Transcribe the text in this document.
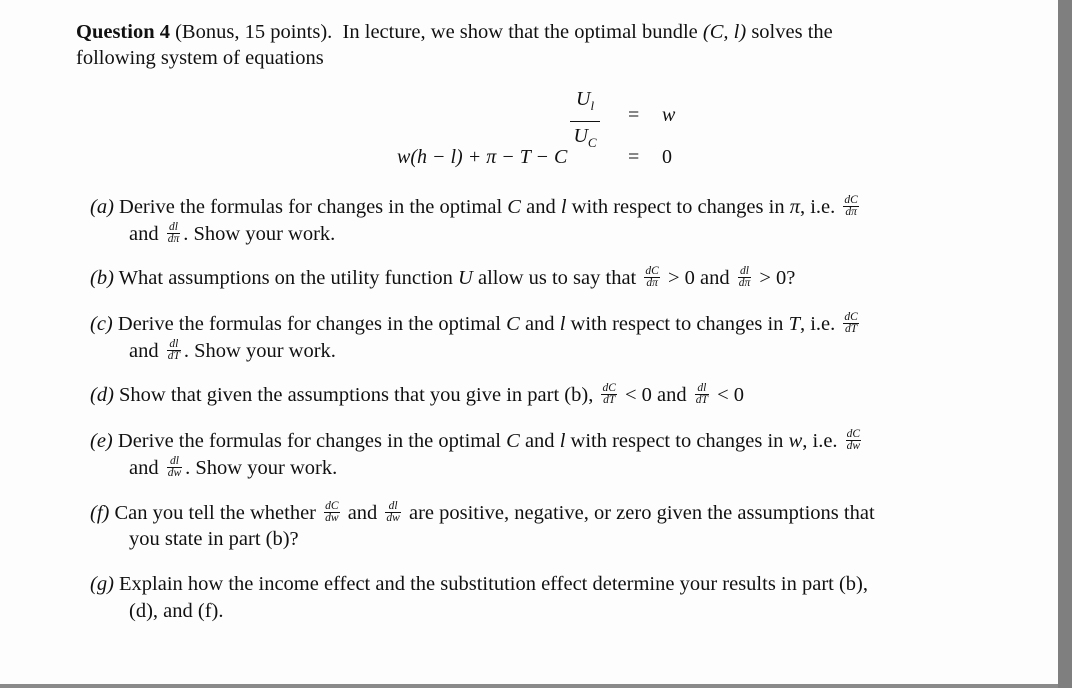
Question 4 (Bonus, 15 points). In lecture, we show that the optimal bundle (C, l) solves the
following system of equations
$\frac{U_l}{U_C} = w$
w(h − l) + π − T − C	= 0
(a) Derive the formulas for changes in the optimal C and l with respect to changes in π, i.e. $\frac{dC}{d\pi}$
and $\frac{dl}{d\pi}$ . Show your work.
(b) What assumptions on the utility function U allow us to say that $\frac{dC}{d\pi} > 0$ and $\frac{dl}{d\pi} > 0$?
(c) Derive the formulas for changes in the optimal C and l with respect to changes in T, i.e. $\frac{dC}{dT}$
and $\frac{dl}{dT}$ . Show your work.
(d) Show that given the assumptions that you give in part (b), $\frac{dC}{dT} < 0$ and $\frac{dl}{dT} < 0$
(e) Derive the formulas for changes in the optimal C and l with respect to changes in w, i.e. $\frac{dC}{dw}$
and $\frac{dl}{dw}$ . Show your work.
(f) Can you tell the whether $\frac{dC}{dw}$ and $\frac{dl}{dw}$ are positive, negative, or zero given the assumptions that
you state in part (b)?
(g) Explain how the income effect and the substitution effect determine your results in part (b),
(d), and (f).
